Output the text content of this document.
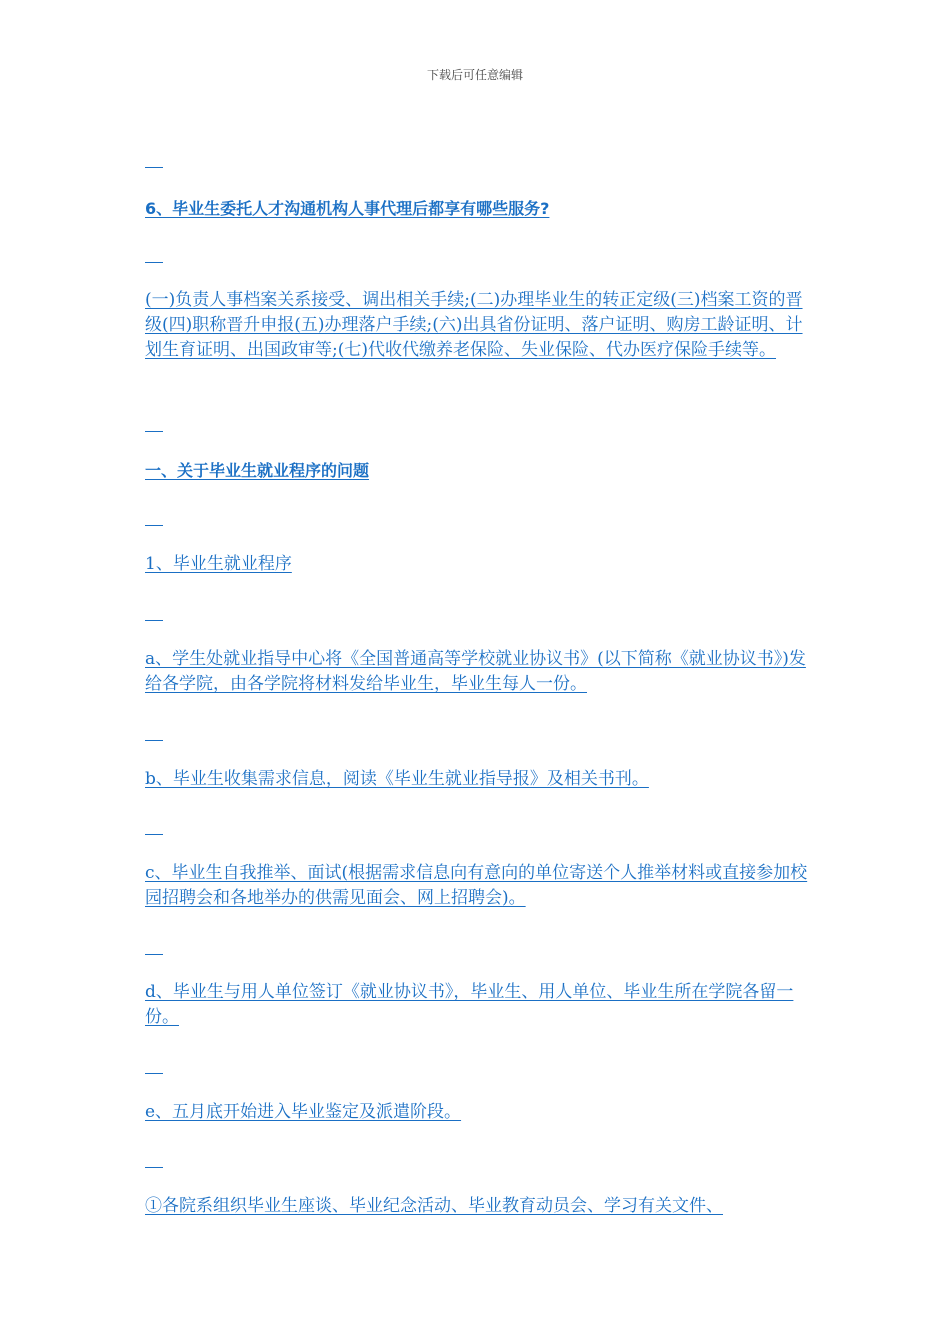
下载后可任意编辑
6、毕业生委托人才沟通机构人事代理后都享有哪些服务?
(一)负责人事档案关系接受、调出相关手续;(二)办理毕业生的转正定级(三)档案工资的晋级(四)职称晋升申报(五)办理落户手续;(六)出具省份证明、落户证明、购房工龄证明、计划生育证明、出国政审等;(七)代收代缴养老保险、失业保险、代办医疗保险手续等。
一、关于毕业生就业程序的问题
1、毕业生就业程序
a、学生处就业指导中心将《全国普通高等学校就业协议书》(以下简称《就业协议书》)发给各学院，由各学院将材料发给毕业生，毕业生每人一份。
b、毕业生收集需求信息，阅读《毕业生就业指导报》及相关书刊。
c、毕业生自我推举、面试(根据需求信息向有意向的单位寄送个人推举材料或直接参加校园招聘会和各地举办的供需见面会、网上招聘会)。
d、毕业生与用人单位签订《就业协议书》，毕业生、用人单位、毕业生所在学院各留一份。
e、五月底开始进入毕业鉴定及派遣阶段。
①各院系组织毕业生座谈、毕业纪念活动、毕业教育动员会、学习有关文件、
